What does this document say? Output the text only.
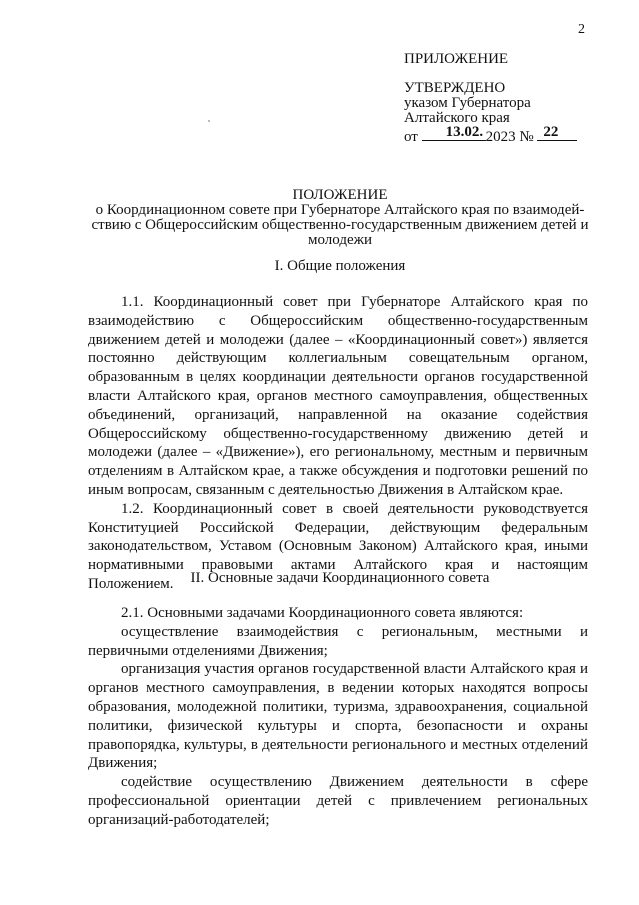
2
ПРИЛОЖЕНИЕ
УТВЕРЖДЕНО
указом Губернатора
Алтайского края
от 13.02. 2023 № 22
ПОЛОЖЕНИЕ
о Координационном совете при Губернаторе Алтайского края по взаимодей-
ствию с Общероссийским общественно-государственным движением детей и
молодежи
I. Общие положения

1.1. Координационный совет при Губернаторе Алтайского края по взаимодействию с Общероссийским общественно-государственным движением детей и молодежи (далее – «Координационный совет») является постоянно действующим коллегиальным совещательным органом, образованным в целях координации деятельности органов государственной власти Алтайского края, органов местного самоуправления, общественных объединений, организаций, направленной на оказание содействия Общероссийскому общественно-государственному движению детей и молодежи (далее – «Движение»), его региональному, местным и первичным отделениям в Алтайском крае, а также обсуждения и подготовки решений по иным вопросам, связанным с деятельностью Движения в Алтайском крае.

1.2. Координационный совет в своей деятельности руководствуется Конституцией Российской Федерации, действующим федеральным законодательством, Уставом (Основным Законом) Алтайского края, иными нормативными правовыми актами Алтайского края и настоящим Положением.	II. Основные задачи Координационного совета

2.1. Основными задачами Координационного совета являются:

осуществление взаимодействия с региональным, местными и первичными отделениями Движения;

организация участия органов государственной власти Алтайского края и органов местного самоуправления, в ведении которых находятся вопросы образования, молодежной политики, туризма, здравоохранения, социальной политики, физической культуры и спорта, безопасности и охраны правопорядка, культуры, в деятельности регионального и местных отделений Движения;

содействие осуществлению Движением деятельности в сфере профессиональной ориентации детей с привлечением региональных организаций-работодателей;
